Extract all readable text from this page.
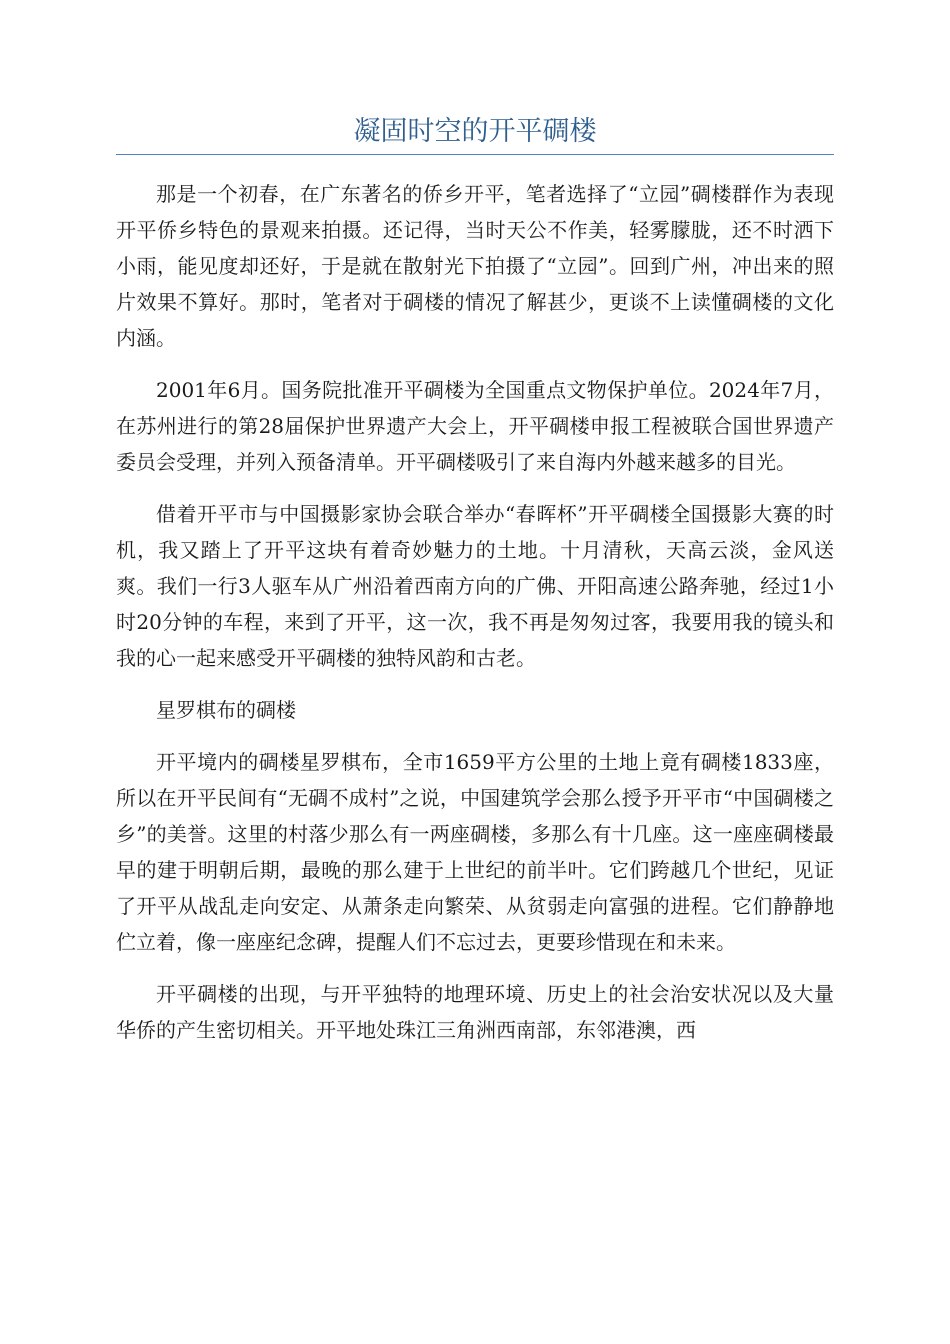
凝固时空的开平碉楼

那是一个初春，在广东著名的侨乡开平，笔者选择了“立园”碉楼群作为表现开平侨乡特色的景观来拍摄。还记得，当时天公不作美，轻雾朦胧，还不时洒下小雨，能见度却还好，于是就在散射光下拍摄了“立园”。回到广州，冲出来的照片效果不算好。那时，笔者对于碉楼的情况了解甚少，更谈不上读懂碉楼的文化内涵。

2001年6月。国务院批准开平碉楼为全国重点文物保护单位。2024年7月，在苏州进行的第28届保护世界遗产大会上，开平碉楼申报工程被联合国世界遗产委员会受理，并列入预备清单。开平碉楼吸引了来自海内外越来越多的目光。

借着开平市与中国摄影家协会联合举办“春晖杯”开平碉楼全国摄影大赛的时机，我又踏上了开平这块有着奇妙魅力的土地。十月清秋，天高云淡，金风送爽。我们一行3人驱车从广州沿着西南方向的广佛、开阳高速公路奔驰，经过1小时20分钟的车程，来到了开平，这一次，我不再是匆匆过客，我要用我的镜头和我的心一起来感受开平碉楼的独特风韵和古老。

星罗棋布的碉楼

开平境内的碉楼星罗棋布，全市1659平方公里的土地上竟有碉楼1833座，所以在开平民间有“无碉不成村”之说，中国建筑学会那么授予开平市“中国碉楼之乡”的美誉。这里的村落少那么有一两座碉楼，多那么有十几座。这一座座碉楼最早的建于明朝后期，最晚的那么建于上世纪的前半叶。它们跨越几个世纪，见证了开平从战乱走向安定、从萧条走向繁荣、从贫弱走向富强的进程。它们静静地伫立着，像一座座纪念碑，提醒人们不忘过去，更要珍惜现在和未来。

开平碉楼的出现，与开平独特的地理环境、历史上的社会治安状况以及大量华侨的产生密切相关。开平地处珠江三角洲西南部，东邻港澳，西
